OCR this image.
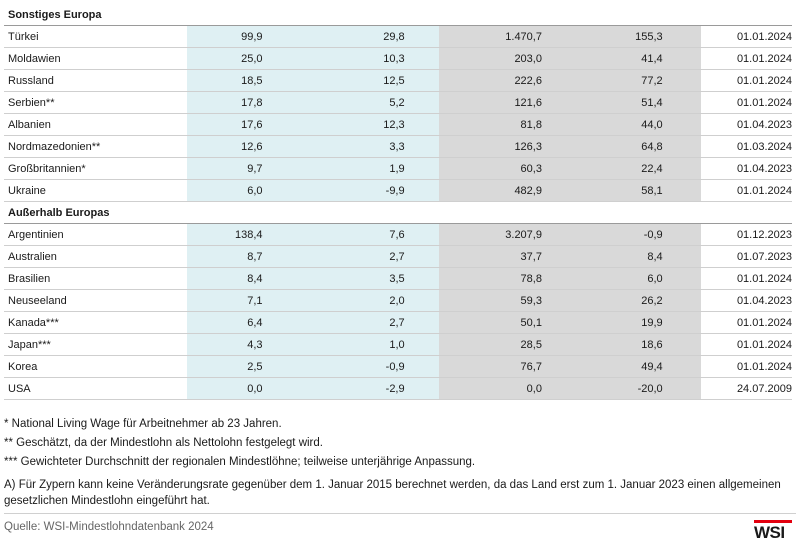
Sonstiges Europa					
Türkei	99,9	29,8	1.470,7	155,3	01.01.2024
Moldawien	25,0	10,3	203,0	41,4	01.01.2024
Russland	18,5	12,5	222,6	77,2	01.01.2024
Serbien**	17,8	5,2	121,6	51,4	01.01.2024
Albanien	17,6	12,3	81,8	44,0	01.04.2023
Nordmazedonien**	12,6	3,3	126,3	64,8	01.03.2024
Großbritannien*	9,7	1,9	60,3	22,4	01.04.2023
Ukraine	6,0	-9,9	482,9	58,1	01.01.2024
Außerhalb Europas					
Argentinien	138,4	7,6	3.207,9	-0,9	01.12.2023
Australien	8,7	2,7	37,7	8,4	01.07.2023
Brasilien	8,4	3,5	78,8	6,0	01.01.2024
Neuseeland	7,1	2,0	59,3	26,2	01.04.2023
Kanada***	6,4	2,7	50,1	19,9	01.01.2024
Japan***	4,3	1,0	28,5	18,6	01.01.2024
Korea	2,5	-0,9	76,7	49,4	01.01.2024
USA	0,0	-2,9	0,0	-20,0	24.07.2009
* National Living Wage für Arbeitnehmer ab 23 Jahren.
** Geschätzt, da der Mindestlohn als Nettolohn festgelegt wird.
*** Gewichteter Durchschnitt der regionalen Mindestlöhne; teilweise unterjährige Anpassung.
A) Für Zypern kann keine Veränderungsrate gegenüber dem 1. Januar 2015 berechnet werden, da das Land erst zum 1. Januar 2023 einen allgemeinen
gesetzlichen Mindestlohn eingeführt hat.
Quelle: WSI-Mindestlohndatenbank 2024	WSI
